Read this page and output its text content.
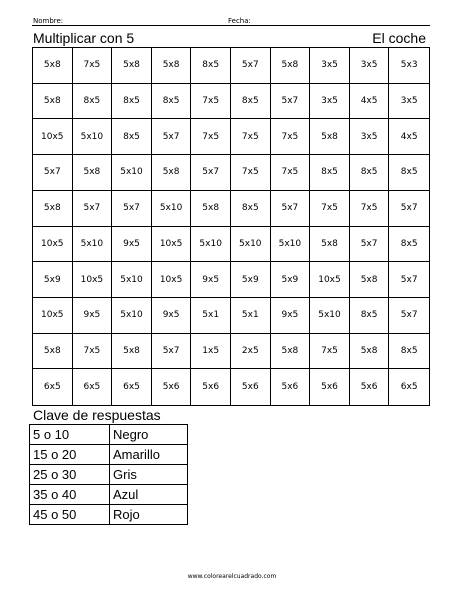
Nombre:	Fecha:
Multiplicar con 5	El coche
5x8	7x5	5x8	5x8	8x5	5x7	5x8	3x5	3x5	5x3
5x8	8x5	8x5	8x5	7x5	8x5	5x7	3x5	4x5	3x5
10x5	5x10	8x5	5x7	7x5	7x5	7x5	5x8	3x5	4x5
5x7	5x8	5x10	5x8	5x7	7x5	7x5	8x5	8x5	8x5
5x8	5x7	5x7	5x10	5x8	8x5	5x7	7x5	7x5	5x7
10x5	5x10	9x5	10x5	5x10	5x10	5x10	5x8	5x7	8x5
5x9	10x5	5x10	10x5	9x5	5x9	5x9	10x5	5x8	5x7
10x5	9x5	5x10	9x5	5x1	5x1	9x5	5x10	8x5	5x7
5x8	7x5	5x8	5x7	1x5	2x5	5x8	7x5	5x8	8x5
6x5	6x5	6x5	5x6	5x6	5x6	5x6	5x6	5x6	6x5
Clave de respuestas
5 o 10	Negro
15 o 20	Amarillo
25 o 30	Gris
35 o 40	Azul
45 o 50	Rojo
www.colorearelcuadrado.com
